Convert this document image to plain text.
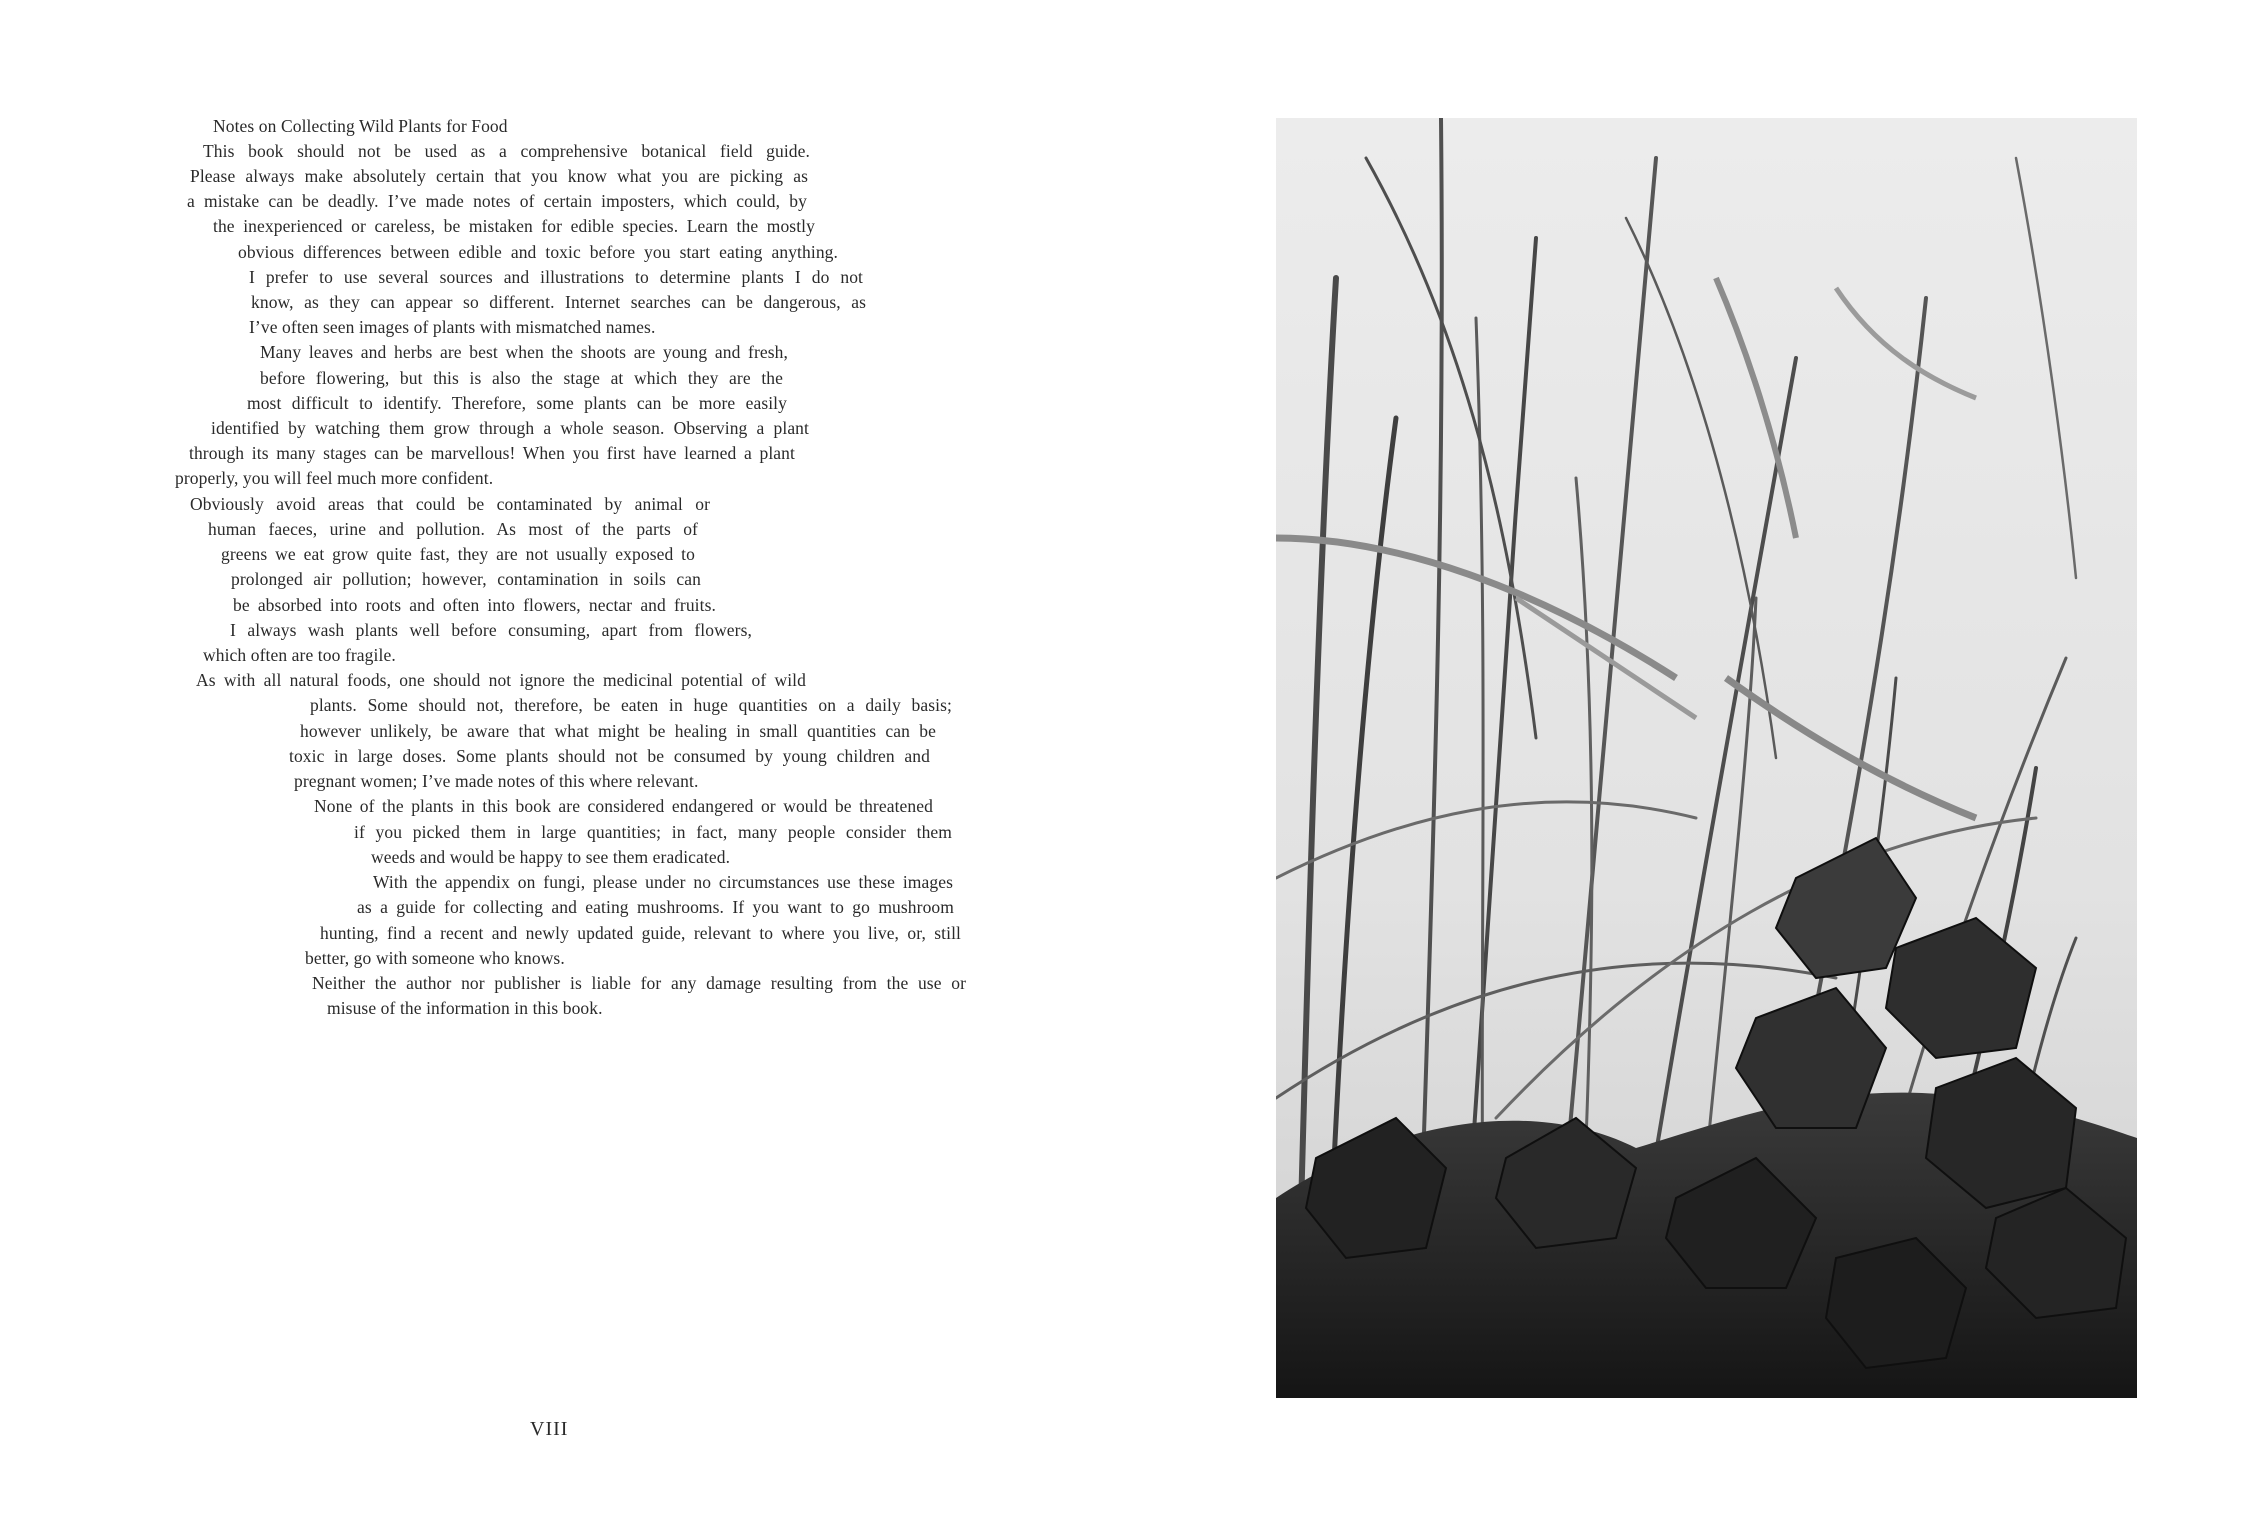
Notes on Collecting Wild Plants for Food
This book should not be used as a comprehensive botanical field guide.
Please always make absolutely certain that you know what you are picking as
a mistake can be deadly. I’ve made notes of certain imposters, which could, by
the inexperienced or careless, be mistaken for edible species. Learn the mostly
obvious differences between edible and toxic before you start eating anything.
I prefer to use several sources and illustrations to determine plants I do not
know, as they can appear so different. Internet searches can be dangerous, as
I’ve often seen images of plants with mismatched names.
Many leaves and herbs are best when the shoots are young and fresh,
before flowering, but this is also the stage at which they are the
most difficult to identify. Therefore, some plants can be more easily
identified by watching them grow through a whole season. Observing a plant
through its many stages can be marvellous! When you first have learned a plant
properly, you will feel much more confident.
Obviously avoid areas that could be contaminated by animal or
human faeces, urine and pollution. As most of the parts of
greens we eat grow quite fast, they are not usually exposed to
prolonged air pollution; however, contamination in soils can
be absorbed into roots and often into flowers, nectar and fruits.
I always wash plants well before consuming, apart from flowers,
which often are too fragile.
As with all natural foods, one should not ignore the medicinal potential of wild
plants. Some should not, therefore, be eaten in huge quantities on a daily basis;
however unlikely, be aware that what might be healing in small quantities can be
toxic in large doses. Some plants should not be consumed by young children and
pregnant women; I’ve made notes of this where relevant.
None of the plants in this book are considered endangered or would be threatened
if you picked them in large quantities; in fact, many people consider them
weeds and would be happy to see them eradicated.
With the appendix on fungi, please under no circumstances use these images
as a guide for collecting and eating mushrooms. If you want to go mushroom
hunting, find a recent and newly updated guide, relevant to where you live, or, still
better, go with someone who knows.
Neither the author nor publisher is liable for any damage resulting from the use or
misuse of the information in this book.
VIII
